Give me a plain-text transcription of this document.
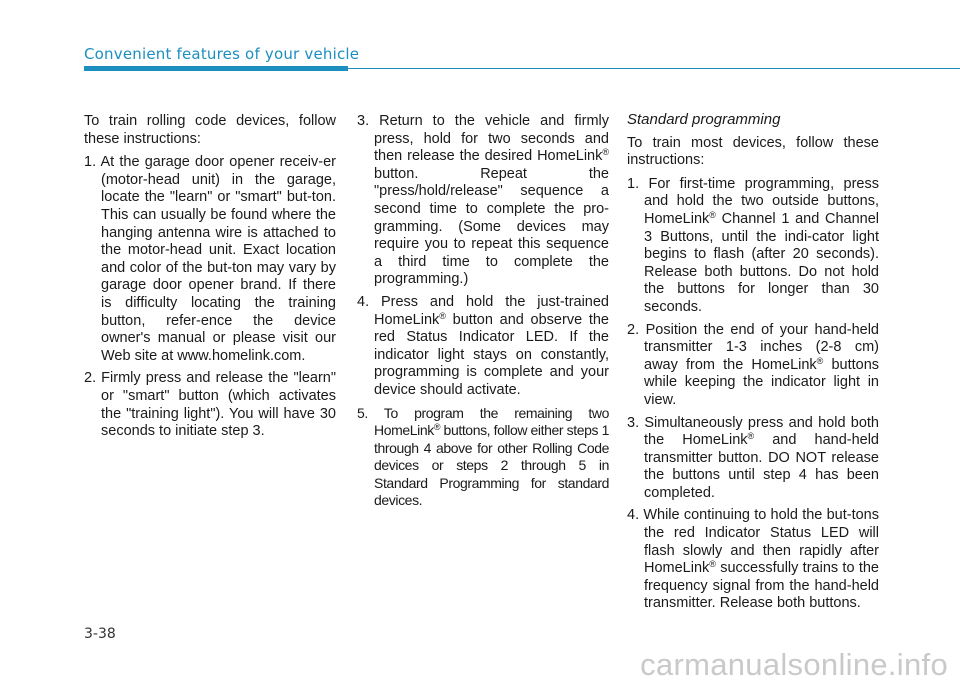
Convenient features of your vehicle

To train rolling code devices, follow these instructions:

1. At the garage door opener receiv-er (motor-head unit) in the garage, locate the "learn" or "smart" but-ton. This can usually be found where the hanging antenna wire is attached to the motor-head unit. Exact location and color of the but-ton may vary by garage door opener brand. If there is difficulty locating the training button, refer-ence the device owner's manual or please visit our Web site at www.homelink.com.

2. Firmly press and release the "learn" or "smart" button (which activates the "training light"). You will have 30 seconds to initiate step 3.

3. Return to the vehicle and firmly press, hold for two seconds and then release the desired HomeLink® button. Repeat the "press/hold/release" sequence a second time to complete the pro-gramming. (Some devices may require you to repeat this sequence a third time to complete the programming.)

4. Press and hold the just-trained HomeLink® button and observe the red Status Indicator LED. If the indicator light stays on constantly, programming is complete and your device should activate.

5. To program the remaining two HomeLink® buttons, follow either steps 1 through 4 above for other Rolling Code devices or steps 2 through 5 in Standard Programming for standard devices.

Standard programming

To train most devices, follow these instructions:

1. For first-time programming, press and hold the two outside buttons, HomeLink® Channel 1 and Channel 3 Buttons, until the indi-cator light begins to flash (after 20 seconds). Release both buttons. Do not hold the buttons for longer than 30 seconds.

2. Position the end of your hand-held transmitter 1-3 inches (2-8 cm) away from the HomeLink® buttons while keeping the indicator light in view.

3. Simultaneously press and hold both the HomeLink® and hand-held transmitter button. DO NOT release the buttons until step 4 has been completed.

4. While continuing to hold the but-tons the red Indicator Status LED will flash slowly and then rapidly after HomeLink® successfully trains to the frequency signal from the hand-held transmitter. Release both buttons.

3-38
carmanualsonline.info
